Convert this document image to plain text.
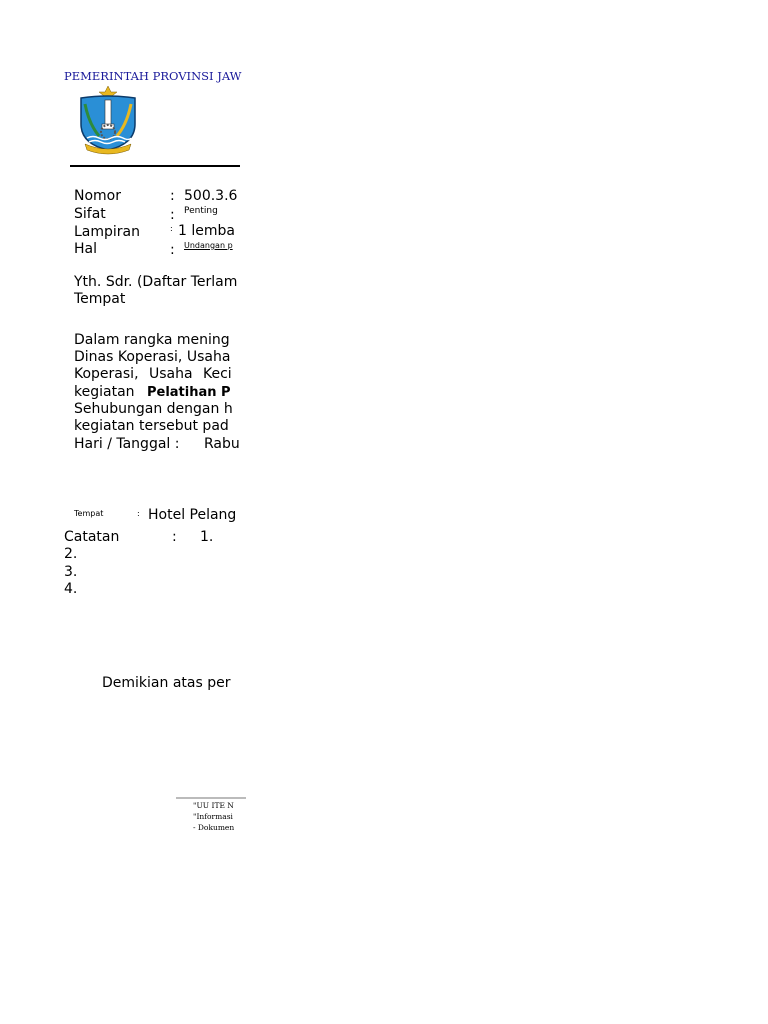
PEMERINTAH PROVINSI JAW
Nomor	: 500.3.6
Sifat	: Penting
Lampiran	: 1 lemba
Hal	: Undangan p
Yth. Sdr. (Daftar Terlam
Tempat
Dalam rangka mening
Dinas Koperasi, Usaha
Koperasi, Usaha Keci
kegiatan Pelatihan P
Sehubungan dengan h
kegiatan tersebut pad
Hari / Tanggal : Rabu
Tempat	: Hotel Pelang
Catatan	: 1.
2.
3.
4.
Demikian atas per
"UU ITE N
"Informasi
- Dokumen
